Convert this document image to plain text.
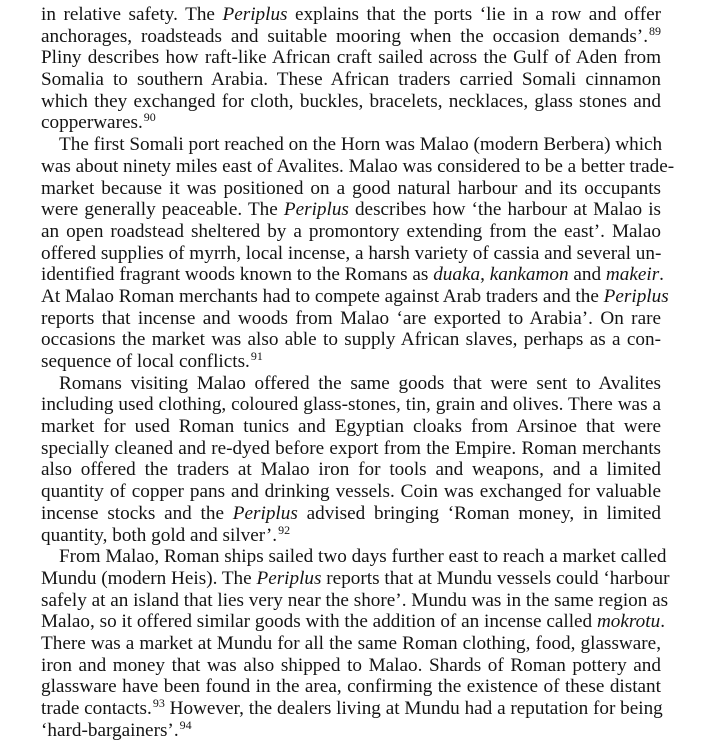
in relative safety. The Periplus explains that the ports ‘lie in a row and offer
anchorages, roadsteads and suitable mooring when the occasion demands’.$^{89}$
Pliny describes how raft-like African craft sailed across the Gulf of Aden from
Somalia to southern Arabia. These African traders carried Somali cinnamon
which they exchanged for cloth, buckles, bracelets, necklaces, glass stones and
copperwares.$^{90}$
The first Somali port reached on the Horn was Malao (modern Berbera) which
was about ninety miles east of Avalites. Malao was considered to be a better trade-
market because it was positioned on a good natural harbour and its occupants
were generally peaceable. The Periplus describes how ‘the harbour at Malao is
an open roadstead sheltered by a promontory extending from the east’. Malao
offered supplies of myrrh, local incense, a harsh variety of cassia and several un-
identified fragrant woods known to the Romans as duaka, kankamon and makeir.
At Malao Roman merchants had to compete against Arab traders and the Periplus
reports that incense and woods from Malao ‘are exported to Arabia’. On rare
occasions the market was also able to supply African slaves, perhaps as a con-
sequence of local conflicts.$^{91}$
Romans visiting Malao offered the same goods that were sent to Avalites
including used clothing, coloured glass-stones, tin, grain and olives. There was a
market for used Roman tunics and Egyptian cloaks from Arsinoe that were
specially cleaned and re-dyed before export from the Empire. Roman merchants
also offered the traders at Malao iron for tools and weapons, and a limited
quantity of copper pans and drinking vessels. Coin was exchanged for valuable
incense stocks and the Periplus advised bringing ‘Roman money, in limited
quantity, both gold and silver’.$^{92}$
From Malao, Roman ships sailed two days further east to reach a market called
Mundu (modern Heis). The Periplus reports that at Mundu vessels could ‘harbour
safely at an island that lies very near the shore’. Mundu was in the same region as
Malao, so it offered similar goods with the addition of an incense called mokrotu.
There was a market at Mundu for all the same Roman clothing, food, glassware,
iron and money that was also shipped to Malao. Shards of Roman pottery and
glassware have been found in the area, confirming the existence of these distant
trade contacts.$^{93}$ However, the dealers living at Mundu had a reputation for being
‘hard-bargainers’.$^{94}$
